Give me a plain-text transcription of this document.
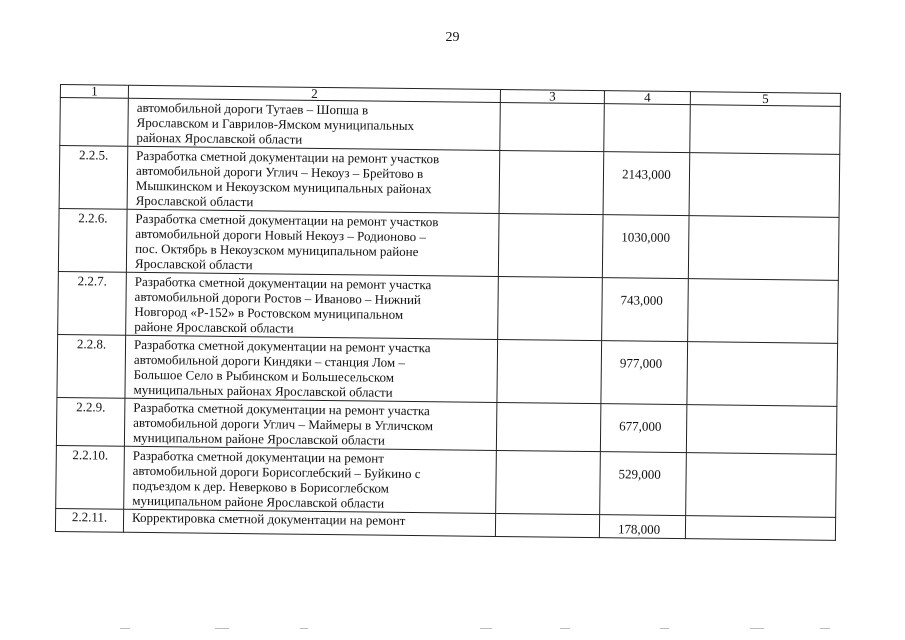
29
1	2	3	4	5

	автомобильной дороги Тутаев – Шопша в
Ярославском и Гаврилов-Ямском муниципальных
районах Ярославской области			

2.2.5.	Разработка сметной документации на ремонт участков
автомобильной дороги Углич – Некоуз – Брейтово в
Мышкинском и Некоузском муниципальных районах
Ярославской области		2143,000	
2.2.6.	Разработка сметной документации на ремонт участков
автомобильной дороги Новый Некоуз – Родионово –
пос. Октябрь в Некоузском муниципальном районе
Ярославской области		1030,000	
2.2.7.	Разработка сметной документации на ремонт участка
автомобильной дороги Ростов – Иваново – Нижний
Новгород «Р-152» в Ростовском муниципальном
районе Ярославской области		743,000	
2.2.8.	Разработка сметной документации на ремонт участка
автомобильной дороги Киндяки – станция Лом –
Большое Село в Рыбинском и Большесельском
муниципальных районах Ярославской области		977,000	
2.2.9.	Разработка сметной документации на ремонт участка
автомобильной дороги Углич – Маймеры в Угличском
муниципальном районе Ярославской области		677,000	
2.2.10.	Разработка сметной документации на ремонт
автомобильной дороги Борисоглебский – Буйкино с
подъездом к дер. Неверково в Борисоглебском
муниципальном районе Ярославской области		529,000	
2.2.11.	Корректировка сметной документации на ремонт		178,000	
